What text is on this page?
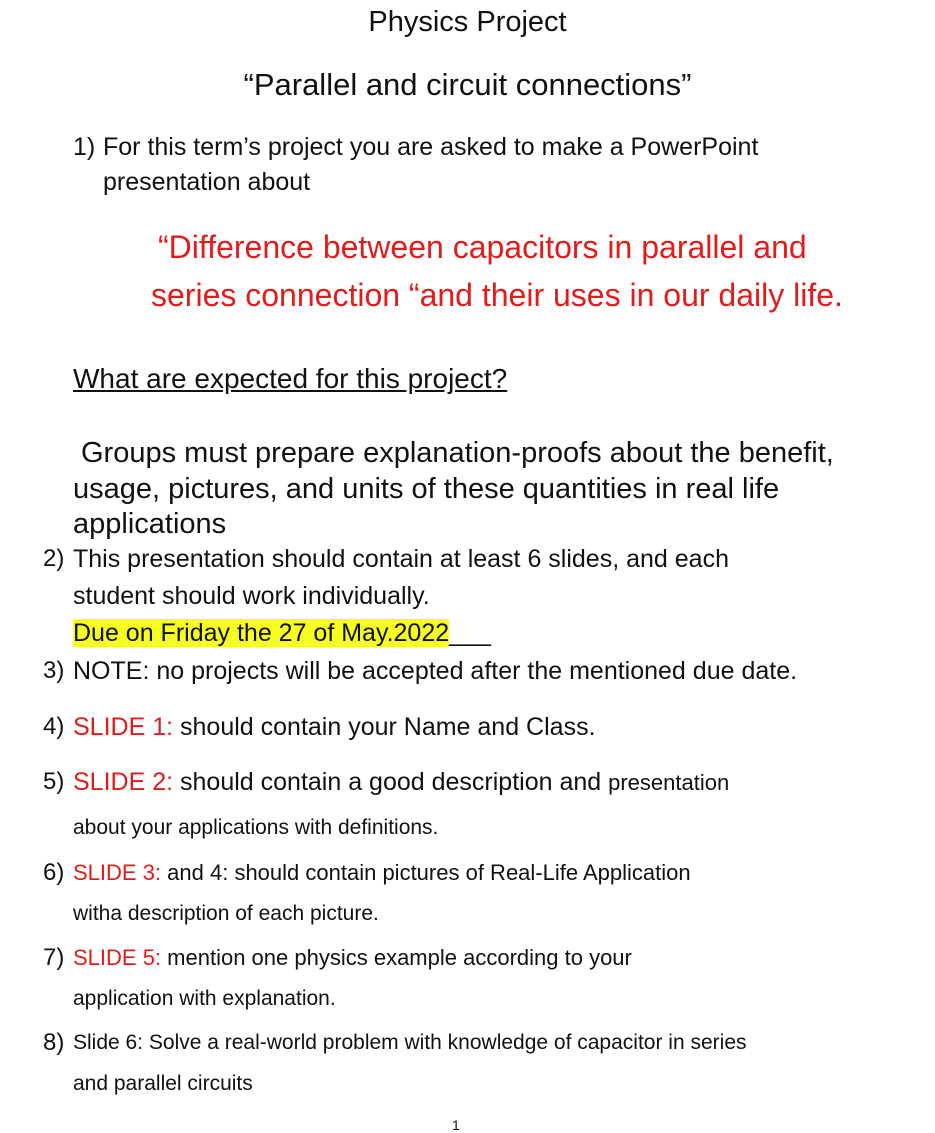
Physics Project
“Parallel and circuit connections”
1) For this term’s project you are asked to make a PowerPoint
presentation about
“Difference between capacitors in parallel and
series connection “and their uses in our daily life.
What are expected for this project?
Groups must prepare explanation-proofs about the benefit,
usage, pictures, and units of these quantities in real life
applications
2) This presentation should contain at least 6 slides, and each
student should work individually.
Due on Friday the 27 of May.2022___
3) NOTE: no projects will be accepted after the mentioned due date.
4) SLIDE 1: should contain your Name and Class.
5) SLIDE 2: should contain a good description and presentation
about your applications with definitions.
6) SLIDE 3: and 4: should contain pictures of Real-Life Application
witha description of each picture.
7) SLIDE 5: mention one physics example according to your
application with explanation.
8) Slide 6: Solve a real-world problem with knowledge of capacitor in series
and parallel circuits
1
